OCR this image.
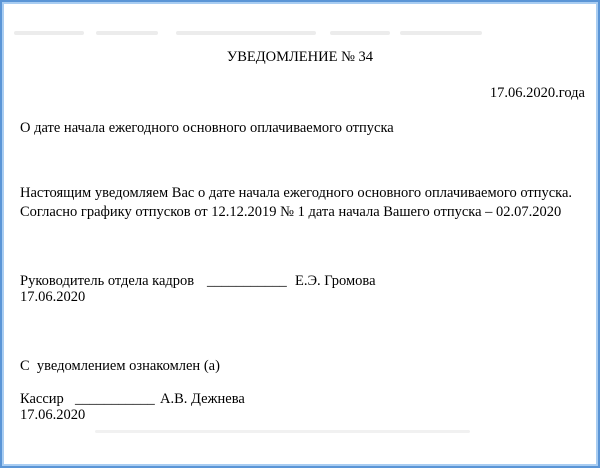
УВЕДОМЛЕНИЕ № 34
17.06.2020.года
О дате начала ежегодного основного оплачиваемого отпуска
Настоящим уведомляем Вас о дате начала ежегодного основного оплачиваемого отпуска.
Согласно графику отпусков от 12.12.2019 № 1 дата начала Вашего отпуска – 02.07.2020
Руководитель отдела кадров ___________ Е.Э. Громова
17.06.2020
С  уведомлением ознакомлен (а)
Кассир ___________ А.В. Дежнева
17.06.2020
